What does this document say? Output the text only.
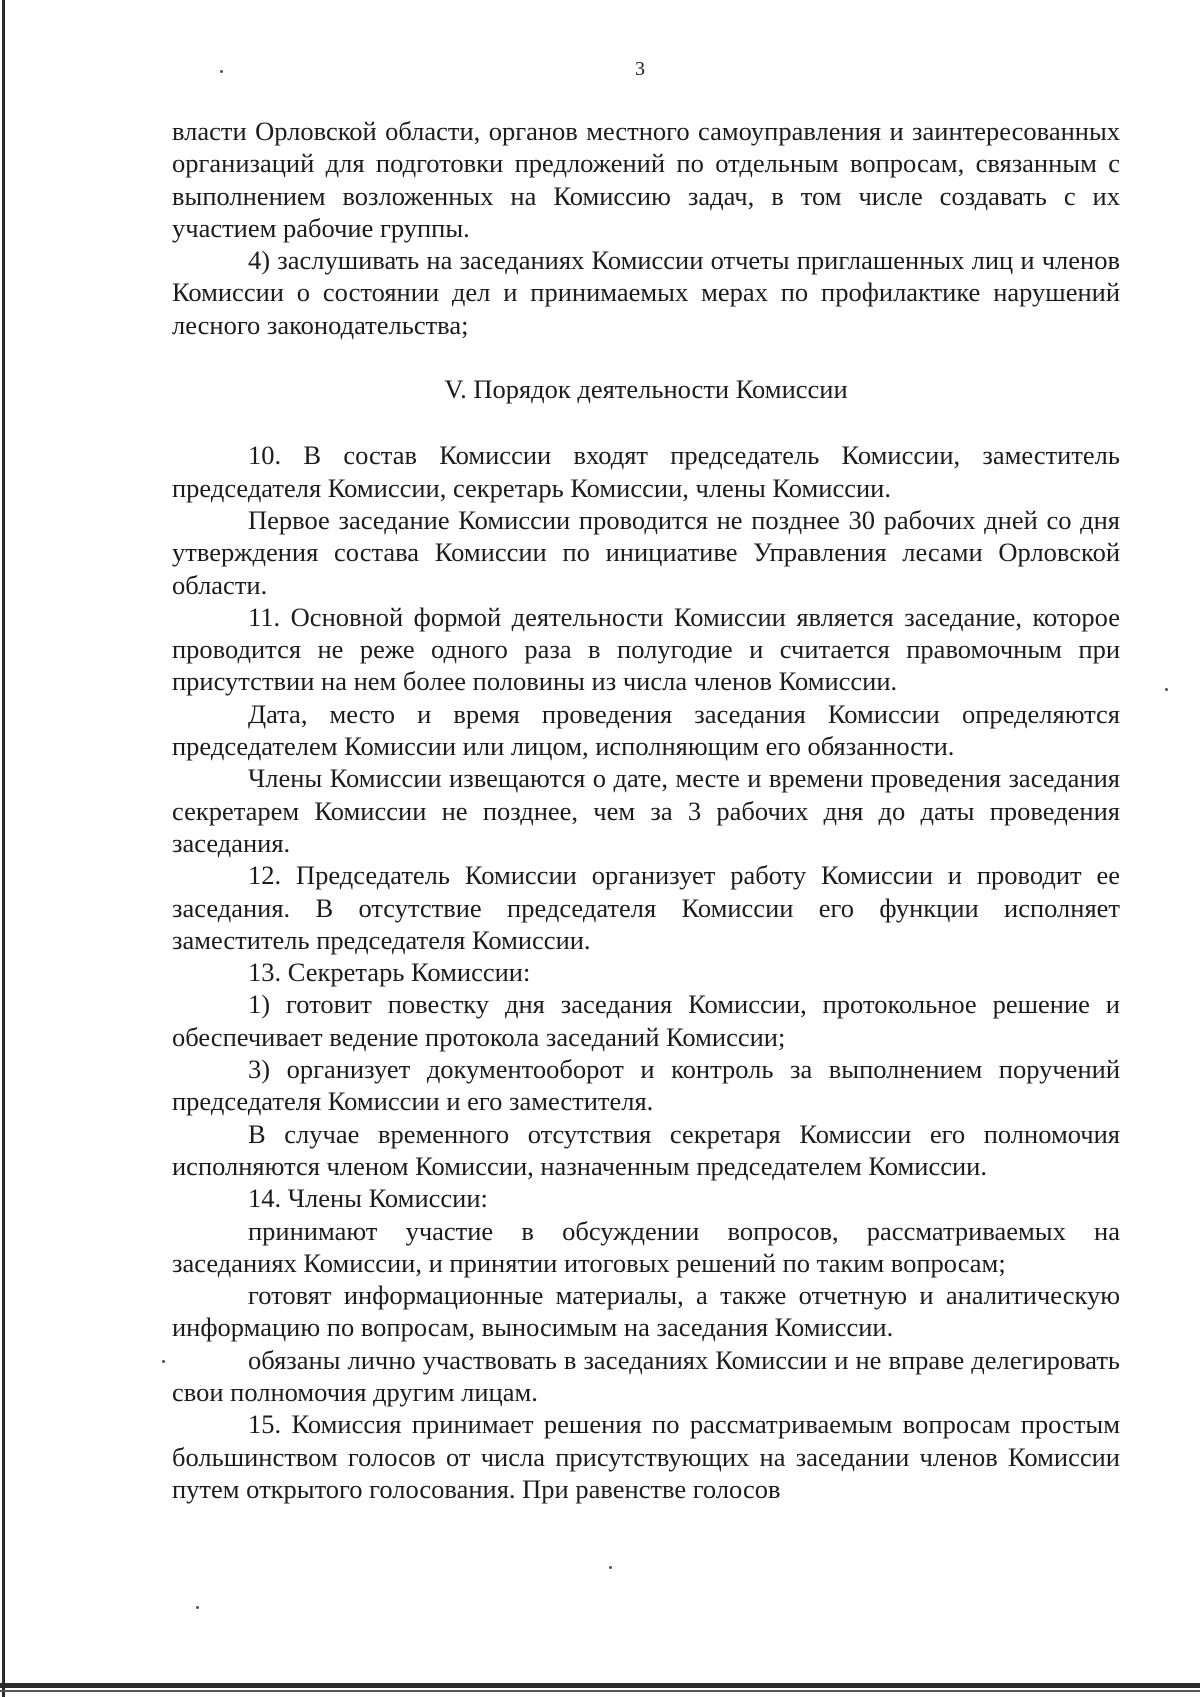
3

власти Орловской области, органов местного самоуправления и заинтересованных организаций для подготовки предложений по отдельным вопросам, связанным с выполнением возложенных на Комиссию задач, в том числе создавать с их участием рабочие группы.

4) заслушивать на заседаниях Комиссии отчеты приглашенных лиц и членов Комиссии о состоянии дел и принимаемых мерах по профилактике нарушений лесного законодательства;

V. Порядок деятельности Комиссии

10. В состав Комиссии входят председатель Комиссии, заместитель председателя Комиссии, секретарь Комиссии, члены Комиссии.

Первое заседание Комиссии проводится не позднее 30 рабочих дней со дня утверждения состава Комиссии по инициативе Управления лесами Орловской области.

11. Основной формой деятельности Комиссии является заседание, которое проводится не реже одного раза в полугодие и считается правомочным при присутствии на нем более половины из числа членов Комиссии.

Дата, место и время проведения заседания Комиссии определяются председателем Комиссии или лицом, исполняющим его обязанности.

Члены Комиссии извещаются о дате, месте и времени проведения заседания секретарем Комиссии не позднее, чем за 3 рабочих дня до даты проведения заседания.

12. Председатель Комиссии организует работу Комиссии и проводит ее заседания. В отсутствие председателя Комиссии его функции исполняет заместитель председателя Комиссии.

13. Секретарь Комиссии:

1) готовит повестку дня заседания Комиссии, протокольное решение и обеспечивает ведение протокола заседаний Комиссии;

3) организует документооборот и контроль за выполнением поручений председателя Комиссии и его заместителя.

В случае временного отсутствия секретаря Комиссии его полномочия исполняются членом Комиссии, назначенным председателем Комиссии.

14. Члены Комиссии:

принимают участие в обсуждении вопросов, рассматриваемых на заседаниях Комиссии, и принятии итоговых решений по таким вопросам;

готовят информационные материалы, а также отчетную и аналитическую информацию по вопросам, выносимым на заседания Комиссии.

обязаны лично участвовать в заседаниях Комиссии и не вправе делегировать свои полномочия другим лицам.

15. Комиссия принимает решения по рассматриваемым вопросам простым большинством голосов от числа присутствующих на заседании членов Комиссии путем открытого голосования. При равенстве голосов
